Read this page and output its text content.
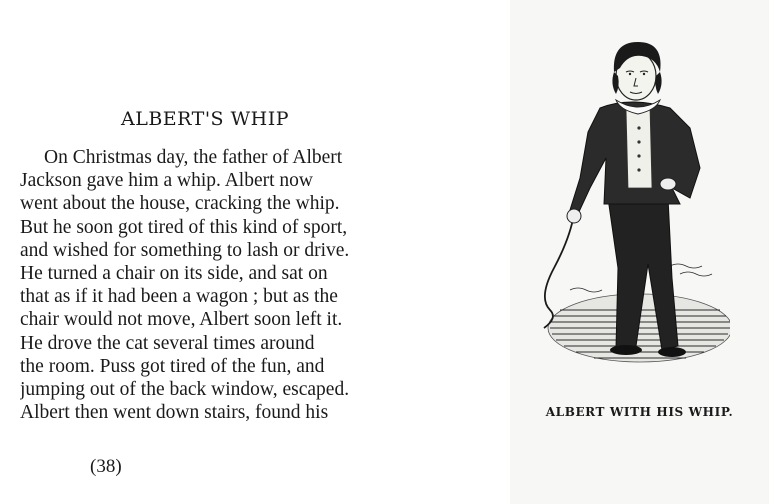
ALBERT'S WHIP
On Christmas day, the father of Albert
Jackson gave him a whip. Albert now
went about the house, cracking the whip.
But he soon got tired of this kind of sport,
and wished for something to lash or drive.
He turned a chair on its side, and sat on
that as if it had been a wagon ; but as the
chair would not move, Albert soon left it.
He drove the cat several times around
the room. Puss got tired of the fun, and
jumping out of the back window, escaped.
Albert then went down stairs, found his
(38)
ALBERT WITH HIS WHIP.
